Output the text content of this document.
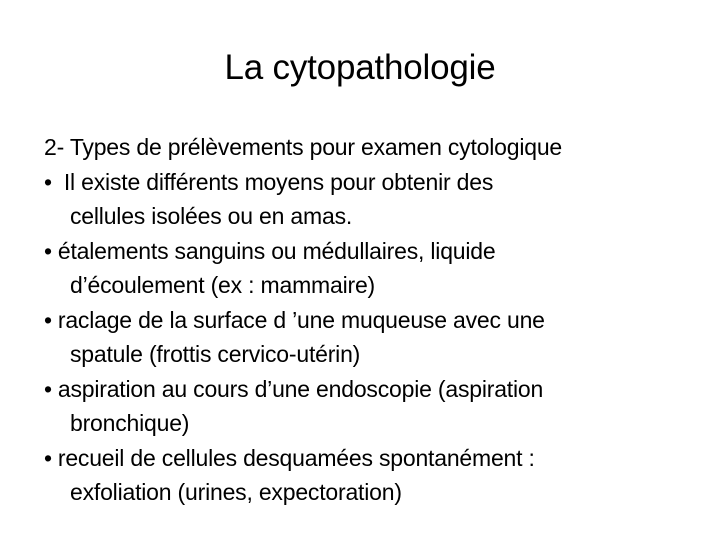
La cytopathologie
2- Types de prélèvements pour examen cytologique
• Il existe différents moyens pour obtenir des
cellules isolées ou en amas.
• étalements sanguins ou médullaires, liquide
d’écoulement (ex : mammaire)
• raclage de la surface d ’une muqueuse avec une
spatule (frottis cervico-utérin)
• aspiration au cours d’une endoscopie (aspiration
bronchique)
• recueil de cellules desquamées spontanément :
exfoliation (urines, expectoration)
